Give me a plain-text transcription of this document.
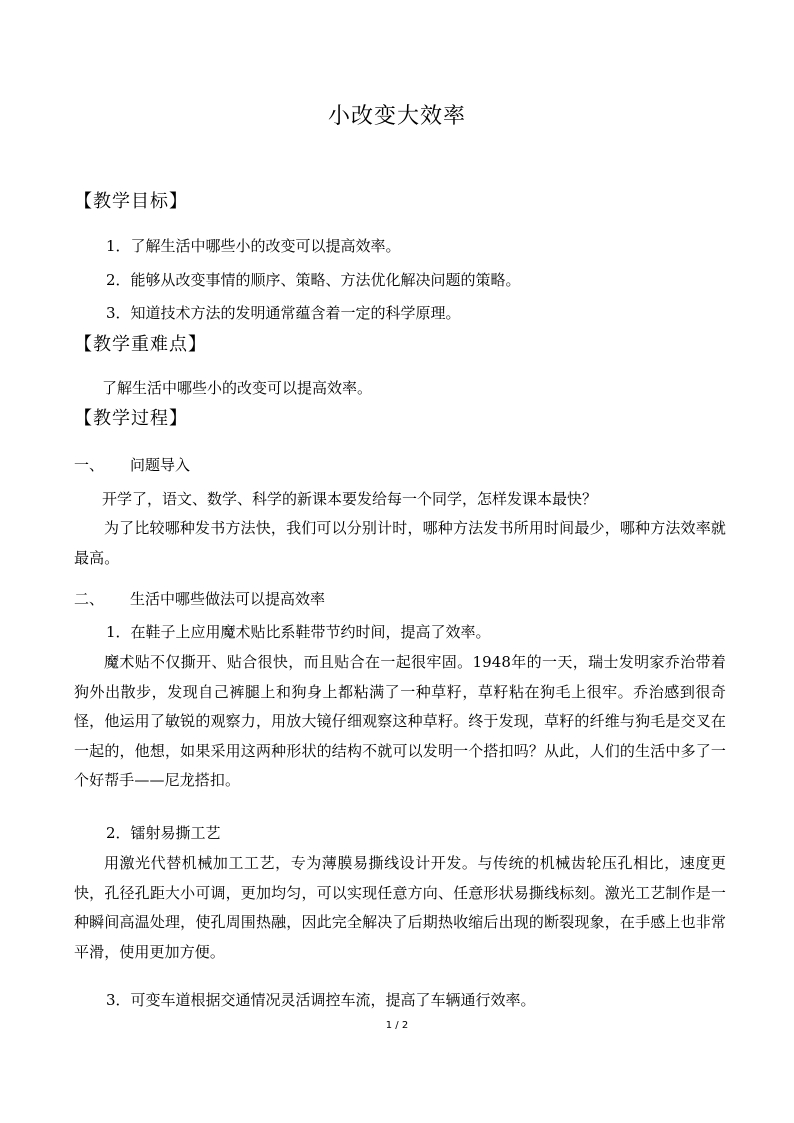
小改变大效率
【教学目标】
1．了解生活中哪些小的改变可以提高效率。
2．能够从改变事情的顺序、策略、方法优化解决问题的策略。
3．知道技术方法的发明通常蕴含着一定的科学原理。
【教学重难点】
了解生活中哪些小的改变可以提高效率。
【教学过程】
一、 问题导入
开学了，语文、数学、科学的新课本要发给每一个同学，怎样发课本最快？
为了比较哪种发书方法快，我们可以分别计时，哪种方法发书所用时间最少，哪种方法效率就最高。
二、 生活中哪些做法可以提高效率
1．在鞋子上应用魔术贴比系鞋带节约时间，提高了效率。
魔术贴不仅撕开、贴合很快，而且贴合在一起很牢固。1948年的一天，瑞士发明家乔治带着狗外出散步，发现自己裤腿上和狗身上都粘满了一种草籽，草籽粘在狗毛上很牢。乔治感到很奇怪，他运用了敏锐的观察力，用放大镜仔细观察这种草籽。终于发现，草籽的纤维与狗毛是交叉在一起的，他想，如果采用这两种形状的结构不就可以发明一个搭扣吗？从此，人们的生活中多了一个好帮手——尼龙搭扣。
2．镭射易撕工艺
用激光代替机械加工工艺，专为薄膜易撕线设计开发。与传统的机械齿轮压孔相比，速度更快，孔径孔距大小可调，更加均匀，可以实现任意方向、任意形状易撕线标刻。激光工艺制作是一种瞬间高温处理，使孔周围热融，因此完全解决了后期热收缩后出现的断裂现象，在手感上也非常平滑，使用更加方便。
3．可变车道根据交通情况灵活调控车流，提高了车辆通行效率。
1 / 2
